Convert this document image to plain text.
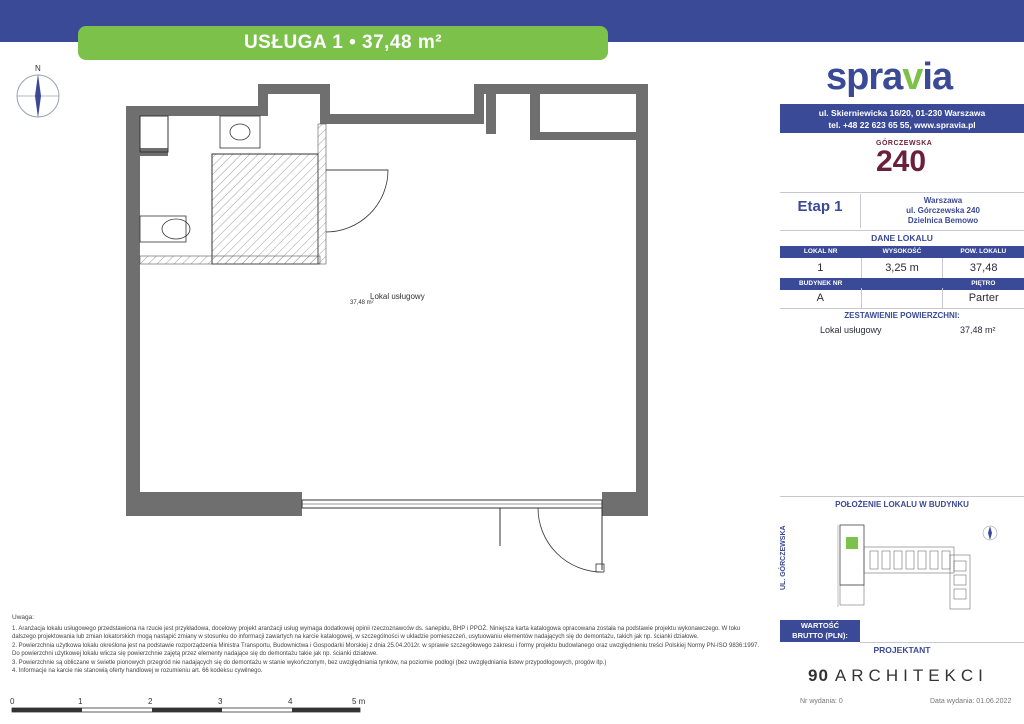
USŁUGA 1 • 37,48 m²
N
Lokal usługowy
37,48 m²
spravia
ul. Skierniewicka 16/20, 01-230 Warszawa
tel. +48 22 623 65 55, www.spravia.pl
GÓRCZEWSKA
240
Etap 1	Warszawa
ul. Górczewska 240
Dzielnica Bemowo
DANE LOKALU
LOKAL NR	WYSOKOŚĆ	POW. LOKALU
1	3,25 m	37,48
BUDYNEK NR	PIĘTRO
A	Parter
ZESTAWIENIE POWIERZCHNI:
Lokal usługowy	37,48 m²
POŁOŻENIE LOKALU W BUDYNKU
UL. GÓRCZEWSKA
WARTOŚĆ
BRUTTO (PLN):
PROJEKTANT
90 ARCHITEKCI
Nr wydania: 0	Data wydania: 01.06.2022
Uwaga:
1. Aranżacja lokalu usługowego przedstawiona na rzucie jest przykładowa, docelowy projekt aranżacji usług wymaga dodatkowej opinii rzeczoznawców ds. sanepidu, BHP i PPOŻ. Niniejsza karta katalogowa opracowana została na podstawie projektu wykonawczego. W toku dalszego projektowania lub zmian lokatorskich mogą nastąpić zmiany w stosunku do informacji zawartych na karcie katalogowej, w szczególności w układzie pomieszczeń, usytuowaniu elementów nadających się do demontażu, takich jak np. ścianki działowe.
2. Powierzchnia użytkowa lokalu określona jest na podstawie rozporządzenia Ministra Transportu, Budownictwa i Gospodarki Morskiej z dnia 25.04.2012r. w sprawie szczegółowego zakresu i formy projektu budowlanego oraz uwzględnieniu treści Polskiej Normy PN-ISO 9836:1997. Do powierzchni użytkowej lokalu wlicza się powierzchnie zajętą przez elementy nadające się do demontażu takie jak np. ścianki działowe.
3. Powierzchnie są obliczane w świetle pionowych przegród nie nadających się do demontażu w stanie wykończonym, bez uwzględniania tynków, na poziomie podłogi (bez uwzględniania listew przypodłogowych, progów itp.)
4. Informacje na karcie nie stanowią oferty handlowej w rozumieniu art. 66 kodeksu cywilnego.
0	1	2	3	4	5 m
